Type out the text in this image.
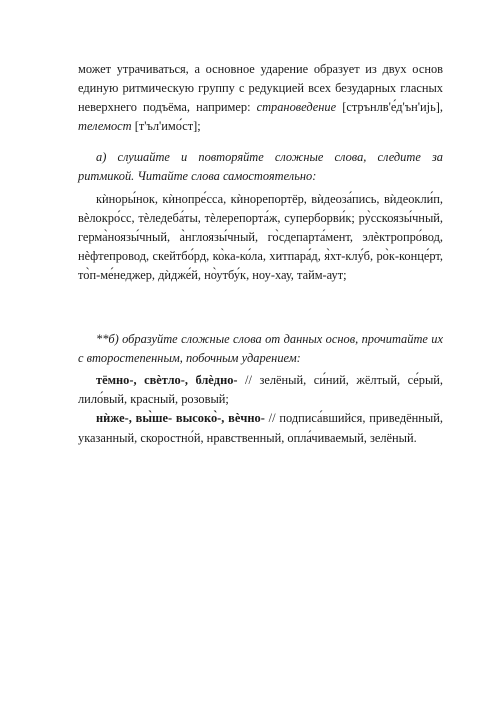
может утрачиваться, а основное ударение образует из двух основ единую ритмическую группу с редукцией всех безударных гласных неверхнего подъёма, например: страноведение [стрънлв'е́д'ън'иjь], телемост [т'ъл'имо́ст];

а) слушайте и повторяйте сложные слова, следите за ритмикой. Читайте слова самостоятельно:

кѝноры́нок, кѝнопре́сса, кѝнорепортёр, вѝдеоза́пись, вѝдеокли́п, вѐлокро́сс, тѐледеба́ты, тѐлерепорта́ж, суперборви́к; ру̀сскоязы́чный, герма̀ноязы́чный, а̀нглоязы́чный, го̀сдепарта́мент, элѐктропро́вод, нѐфтепровод, скейтбо́рд, ко̀ка-ко́ла, хитпара́д, я̀хт-клу́б, ро̀к-конце́рт, то̀п-ме́неджер, дѝдже́й, но̀утбу́к, ноу-хау, тайм-аут;

**б) образуйте сложные слова от данных основ, прочитайте их с второстепенным, побочным ударением:

тёмно-, свѐтло-, блѐдно- // зелёный, си́ний, жёлтый, се́рый, лило́вый, красный, розовый;

нѝже-, вы̀ше- высоко̀-, вѐчно- // подписа́вшийся, приведённый, указанный, скоростно́й, нравственный, опла́чиваемый, зелёный.
